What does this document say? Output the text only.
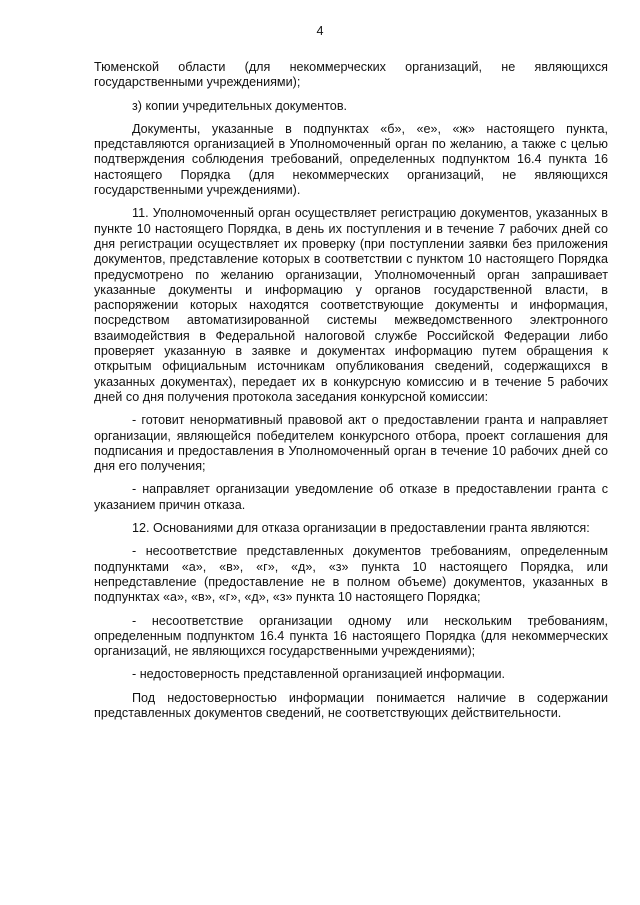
4

Тюменской области (для некоммерческих организаций, не являющихся государственными учреждениями);

з) копии учредительных документов.

Документы, указанные в подпунктах «б», «е», «ж» настоящего пункта, представляются организацией в Уполномоченный орган по желанию, а также с целью подтверждения соблюдения требований, определенных подпунктом 16.4 пункта 16 настоящего Порядка (для некоммерческих организаций, не являющихся государственными учреждениями).

11. Уполномоченный орган осуществляет регистрацию документов, указанных в пункте 10 настоящего Порядка, в день их поступления и в течение 7 рабочих дней со дня регистрации осуществляет их проверку (при поступлении заявки без приложения документов, представление которых в соответствии с пунктом 10 настоящего Порядка предусмотрено по желанию организации, Уполномоченный орган запрашивает указанные документы и информацию у органов государственной власти, в распоряжении которых находятся соответствующие документы и информация, посредством автоматизированной системы межведомственного электронного взаимодействия в Федеральной налоговой службе Российской Федерации либо проверяет указанную в заявке и документах информацию путем обращения к открытым официальным источникам опубликования сведений, содержащихся в указанных документах), передает их в конкурсную комиссию и в течение 5 рабочих дней со дня получения протокола заседания конкурсной комиссии:

- готовит ненормативный правовой акт о предоставлении гранта и направляет организации, являющейся победителем конкурсного отбора, проект соглашения для подписания и предоставления в Уполномоченный орган в течение 10 рабочих дней со дня его получения;

- направляет организации уведомление об отказе в предоставлении гранта с указанием причин отказа.

12. Основаниями для отказа организации в предоставлении гранта являются:

- несоответствие представленных документов требованиям, определенным подпунктами «а», «в», «г», «д», «з» пункта 10 настоящего Порядка, или непредставление (предоставление не в полном объеме) документов, указанных в подпунктах «а», «в», «г», «д», «з» пункта 10 настоящего Порядка;

- несоответствие организации одному или нескольким требованиям, определенным подпунктом 16.4 пункта 16 настоящего Порядка (для некоммерческих организаций, не являющихся государственными учреждениями);

- недостоверность представленной организацией информации.

Под недостоверностью информации понимается наличие в содержании представленных документов сведений, не соответствующих действительности.
